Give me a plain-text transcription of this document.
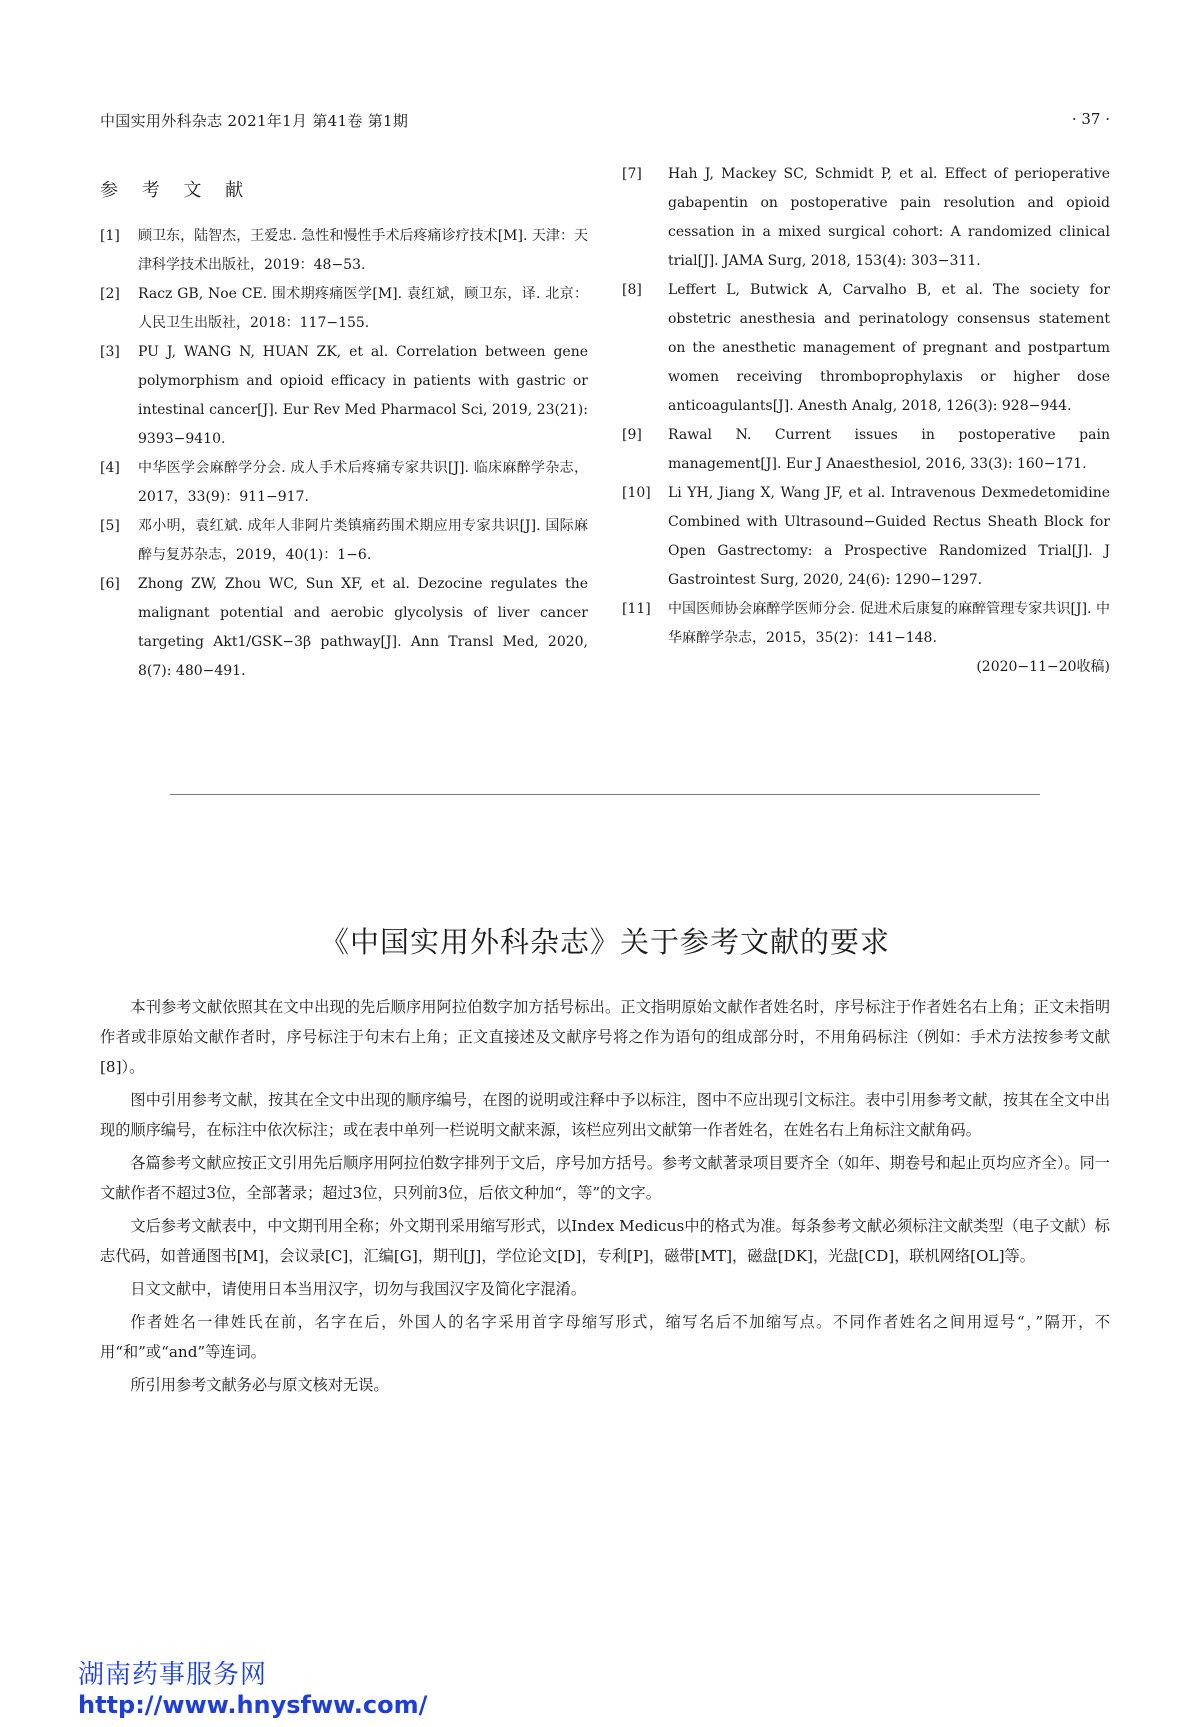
中国实用外科杂志 2021年1月 第41卷 第1期	· 37 ·
参 考 文 献
[1]	顾卫东，陆智杰，王爱忠. 急性和慢性手术后疼痛诊疗技术[M]. 天津：天津科学技术出版社，2019：48−53.
[2]	Racz GB, Noe CE. 围术期疼痛医学[M]. 袁红斌，顾卫东，译. 北京：人民卫生出版社，2018：117−155.
[3]	PU J, WANG N, HUAN ZK, et al. Correlation between gene polymorphism and opioid efficacy in patients with gastric or intestinal cancer[J]. Eur Rev Med Pharmacol Sci, 2019, 23(21): 9393−9410.
[4]	中华医学会麻醉学分会. 成人手术后疼痛专家共识[J]. 临床麻醉学杂志，2017，33(9)：911−917.
[5]	邓小明，袁红斌. 成年人非阿片类镇痛药围术期应用专家共识[J]. 国际麻醉与复苏杂志，2019，40(1)：1−6.
[6]	Zhong ZW, Zhou WC, Sun XF, et al. Dezocine regulates the malignant potential and aerobic glycolysis of liver cancer targeting Akt1/GSK−3β pathway[J]. Ann Transl Med, 2020, 8(7): 480−491.
[7]	Hah J, Mackey SC, Schmidt P, et al. Effect of perioperative gabapentin on postoperative pain resolution and opioid cessation in a mixed surgical cohort: A randomized clinical trial[J]. JAMA Surg, 2018, 153(4): 303−311.
[8]	Leffert L, Butwick A, Carvalho B, et al. The society for obstetric anesthesia and perinatology consensus statement on the anesthetic management of pregnant and postpartum women receiving thromboprophylaxis or higher dose anticoagulants[J]. Anesth Analg, 2018, 126(3): 928−944.
[9]	Rawal N. Current issues in postoperative pain management[J]. Eur J Anaesthesiol, 2016, 33(3): 160−171.
[10]	Li YH, Jiang X, Wang JF, et al. Intravenous Dexmedetomidine Combined with Ultrasound−Guided Rectus Sheath Block for Open Gastrectomy: a Prospective Randomized Trial[J]. J Gastrointest Surg, 2020, 24(6): 1290−1297.
[11]	中国医师协会麻醉学医师分会. 促进术后康复的麻醉管理专家共识[J]. 中华麻醉学杂志，2015，35(2)：141−148.
(2020−11−20收稿)
《中国实用外科杂志》关于参考文献的要求

本刊参考文献依照其在文中出现的先后顺序用阿拉伯数字加方括号标出。正文指明原始文献作者姓名时，序号标注于作者姓名右上角；正文未指明作者或非原始文献作者时，序号标注于句末右上角；正文直接述及文献序号将之作为语句的组成部分时，不用角码标注（例如：手术方法按参考文献[8]）。

图中引用参考文献，按其在全文中出现的顺序编号，在图的说明或注释中予以标注，图中不应出现引文标注。表中引用参考文献，按其在全文中出现的顺序编号，在标注中依次标注；或在表中单列一栏说明文献来源，该栏应列出文献第一作者姓名，在姓名右上角标注文献角码。

各篇参考文献应按正文引用先后顺序用阿拉伯数字排列于文后，序号加方括号。参考文献著录项目要齐全（如年、期卷号和起止页均应齐全）。同一文献作者不超过3位，全部著录；超过3位，只列前3位，后依文种加“，等”的文字。

文后参考文献表中，中文期刊用全称；外文期刊采用缩写形式，以Index Medicus中的格式为准。每条参考文献必须标注文献类型（电子文献）标志代码，如普通图书[M]，会议录[C]，汇编[G]，期刊[J]，学位论文[D]，专利[P]，磁带[MT]，磁盘[DK]，光盘[CD]，联机网络[OL]等。

日文文献中，请使用日本当用汉字，切勿与我国汉字及简化字混淆。

作者姓名一律姓氏在前，名字在后，外国人的名字采用首字母缩写形式，缩写名后不加缩写点。不同作者姓名之间用逗号“，”隔开，不用“和”或“and”等连词。

所引用参考文献务必与原文核对无误。

湖南药事服务网
http://www.hnysfww.com/
